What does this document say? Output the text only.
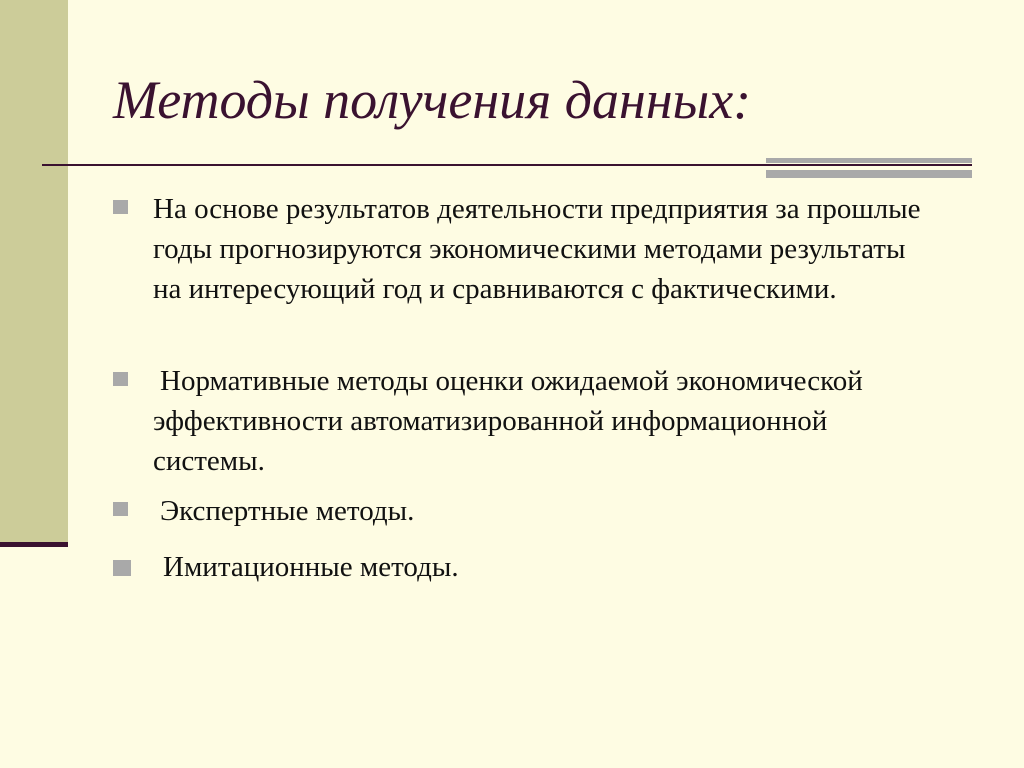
Методы получения данных:
На основе результатов деятельности предприятия за прошлые годы прогнозируются экономическими методами результаты на интересующий год и сравниваются с фактическими.
Нормативные методы оценки ожидаемой экономической эффективности автоматизированной информационной системы.
Экспертные методы.
Имитационные методы.
